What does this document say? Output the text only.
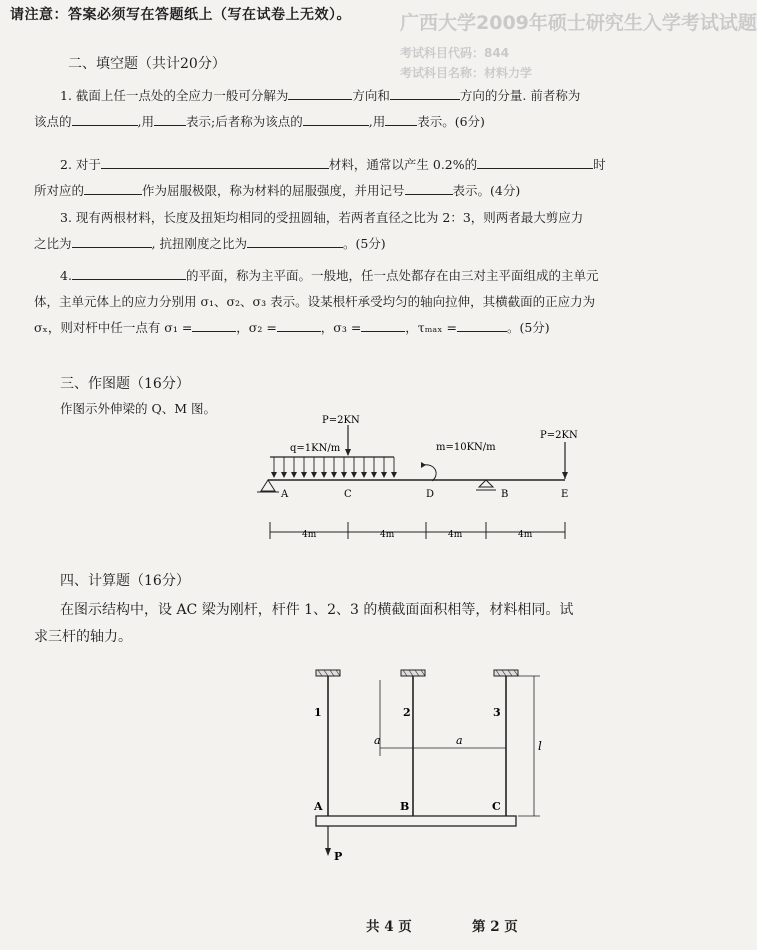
广西大学2009年硕士研究生入学考试试题
考试科目代码：844
考试科目名称：材料力学
请注意：答案必须写在答题纸上（写在试卷上无效）。
二、填空题（共计20分）

1. 截面上任一点处的全应力一般可分解为	方向和	方向的分量. 前者称为

该点的	,用	表示;后者称为该点的	,用	表示。(6分)

2. 对于	材料，通常以产生 0.2%的	时

所对应的	作为屈服极限，称为材料的屈服强度，并用记号	表示。(4分)

3. 现有两根材料，长度及扭矩均相同的受扭圆轴，若两者直径之比为 2：3，则两者最大剪应力

之比为	, 抗扭刚度之比为	。(5分)

4.	的平面，称为主平面。一般地，任一点处都存在由三对主平面组成的主单元

体，主单元体上的应力分别用 σ₁、σ₂、σ₃ 表示。设某根杆承受均匀的轴向拉伸，其横截面的正应力为

σₓ，则对杆中任一点有 σ₁ =	，σ₂ =	，σ₃ =	，τₘₐₓ =	。(5分)

三、作图题（16分）

作图示外伸梁的 Q、M 图。

P=2KN
q=1KN/m	m=10KN/m
P=2KN
A	C	D	B	E
4m	4m	4m	4m
四、计算题（16分）

在图示结构中，设 AC 梁为刚杆，杆件 1、2、3 的横截面面积相等，材料相同。试

求三杆的轴力。

1	2	3
a	a	l
A	B	C
P
共 4 页	第 2 页
